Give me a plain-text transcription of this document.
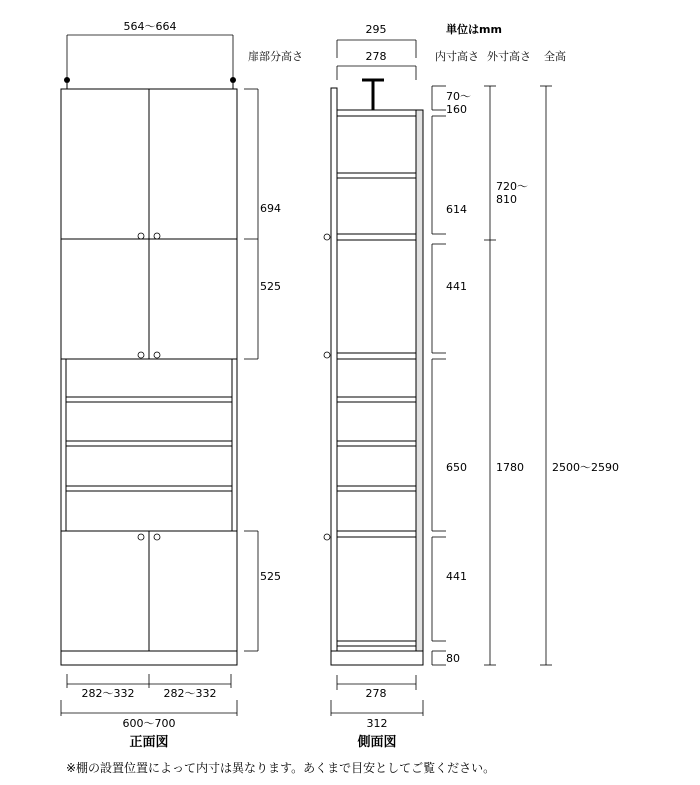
564〜664
694
525
525
282〜332	282〜332
600〜700
正面図
295
278
70〜 160
614
441
650
441
80
720〜 810
1780	2500〜2590
278
312
側面図
単位はmm
扉部分高さ	内寸高さ 外寸高さ 全高
※棚の設置位置によって内寸は異なります。あくまで目安としてご覧ください。
